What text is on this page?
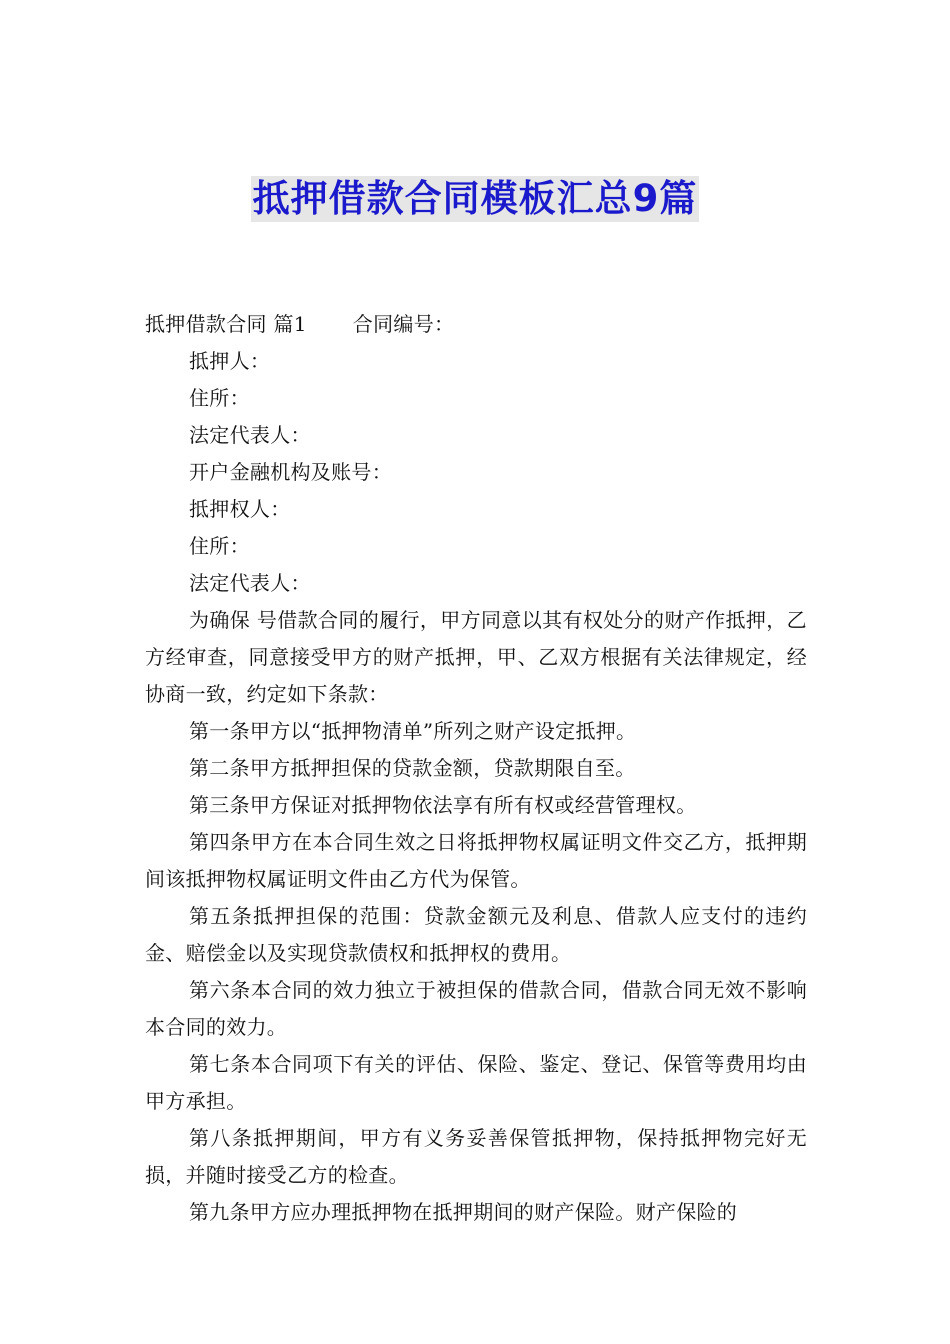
抵押借款合同模板汇总9篇

抵押借款合同 篇1 合同编号：

抵押人：

住所：

法定代表人：

开户金融机构及账号：

抵押权人：

住所：

法定代表人：

为确保 号借款合同的履行，甲方同意以其有权处分的财产作抵押，乙方经审查，同意接受甲方的财产抵押，甲、乙双方根据有关法律规定，经协商一致，约定如下条款：

第一条甲方以“抵押物清单”所列之财产设定抵押。

第二条甲方抵押担保的贷款金额，贷款期限自至。

第三条甲方保证对抵押物依法享有所有权或经营管理权。

第四条甲方在本合同生效之日将抵押物权属证明文件交乙方，抵押期间该抵押物权属证明文件由乙方代为保管。

第五条抵押担保的范围：贷款金额元及利息、借款人应支付的违约金、赔偿金以及实现贷款债权和抵押权的费用。

第六条本合同的效力独立于被担保的借款合同，借款合同无效不影响本合同的效力。

第七条本合同项下有关的评估、保险、鉴定、登记、保管等费用均由甲方承担。

第八条抵押期间，甲方有义务妥善保管抵押物，保持抵押物完好无损，并随时接受乙方的检查。

第九条甲方应办理抵押物在抵押期间的财产保险。财产保险的
